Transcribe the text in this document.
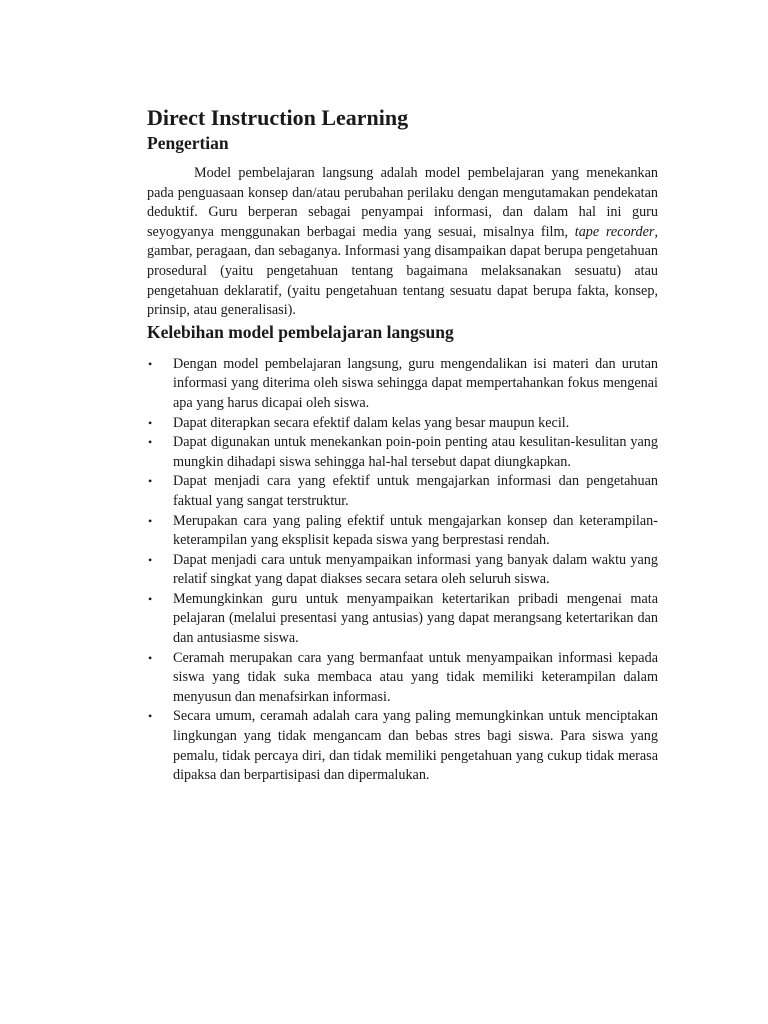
Direct Instruction Learning
Pengertian

Model pembelajaran langsung adalah model pembelajaran yang menekankan pada penguasaan konsep dan/atau perubahan perilaku dengan mengutamakan pendekatan deduktif. Guru berperan sebagai penyampai informasi, dan dalam hal ini guru seyogyanya menggunakan berbagai media yang sesuai, misalnya film, tape recorder, gambar, peragaan, dan sebaganya. Informasi yang disampaikan dapat berupa pengetahuan prosedural (yaitu pengetahuan tentang bagaimana melaksanakan sesuatu) atau pengetahuan deklaratif, (yaitu pengetahuan tentang sesuatu dapat berupa fakta, konsep, prinsip, atau generalisasi).

Kelebihan model pembelajaran langsung
• Dengan model pembelajaran langsung, guru mengendalikan isi materi dan urutan informasi yang diterima oleh siswa sehingga dapat mempertahankan fokus mengenai apa yang harus dicapai oleh siswa.
• Dapat diterapkan secara efektif dalam kelas yang besar maupun kecil.
• Dapat digunakan untuk menekankan poin-poin penting atau kesulitan-kesulitan yang mungkin dihadapi siswa sehingga hal-hal tersebut dapat diungkapkan.
• Dapat menjadi cara yang efektif untuk mengajarkan informasi dan pengetahuan faktual yang sangat terstruktur.
• Merupakan cara yang paling efektif untuk mengajarkan konsep dan keterampilan-keterampilan yang eksplisit kepada siswa yang berprestasi rendah.
• Dapat menjadi cara untuk menyampaikan informasi yang banyak dalam waktu yang relatif singkat yang dapat diakses secara setara oleh seluruh siswa.
• Memungkinkan guru untuk menyampaikan ketertarikan pribadi mengenai mata pelajaran (melalui presentasi yang antusias) yang dapat merangsang ketertarikan dan dan antusiasme siswa.
• Ceramah merupakan cara yang bermanfaat untuk menyampaikan informasi kepada siswa yang tidak suka membaca atau yang tidak memiliki keterampilan dalam menyusun dan menafsirkan informasi.
• Secara umum, ceramah adalah cara yang paling memungkinkan untuk menciptakan lingkungan yang tidak mengancam dan bebas stres bagi siswa. Para siswa yang pemalu, tidak percaya diri, dan tidak memiliki pengetahuan yang cukup tidak merasa dipaksa dan berpartisipasi dan dipermalukan.
